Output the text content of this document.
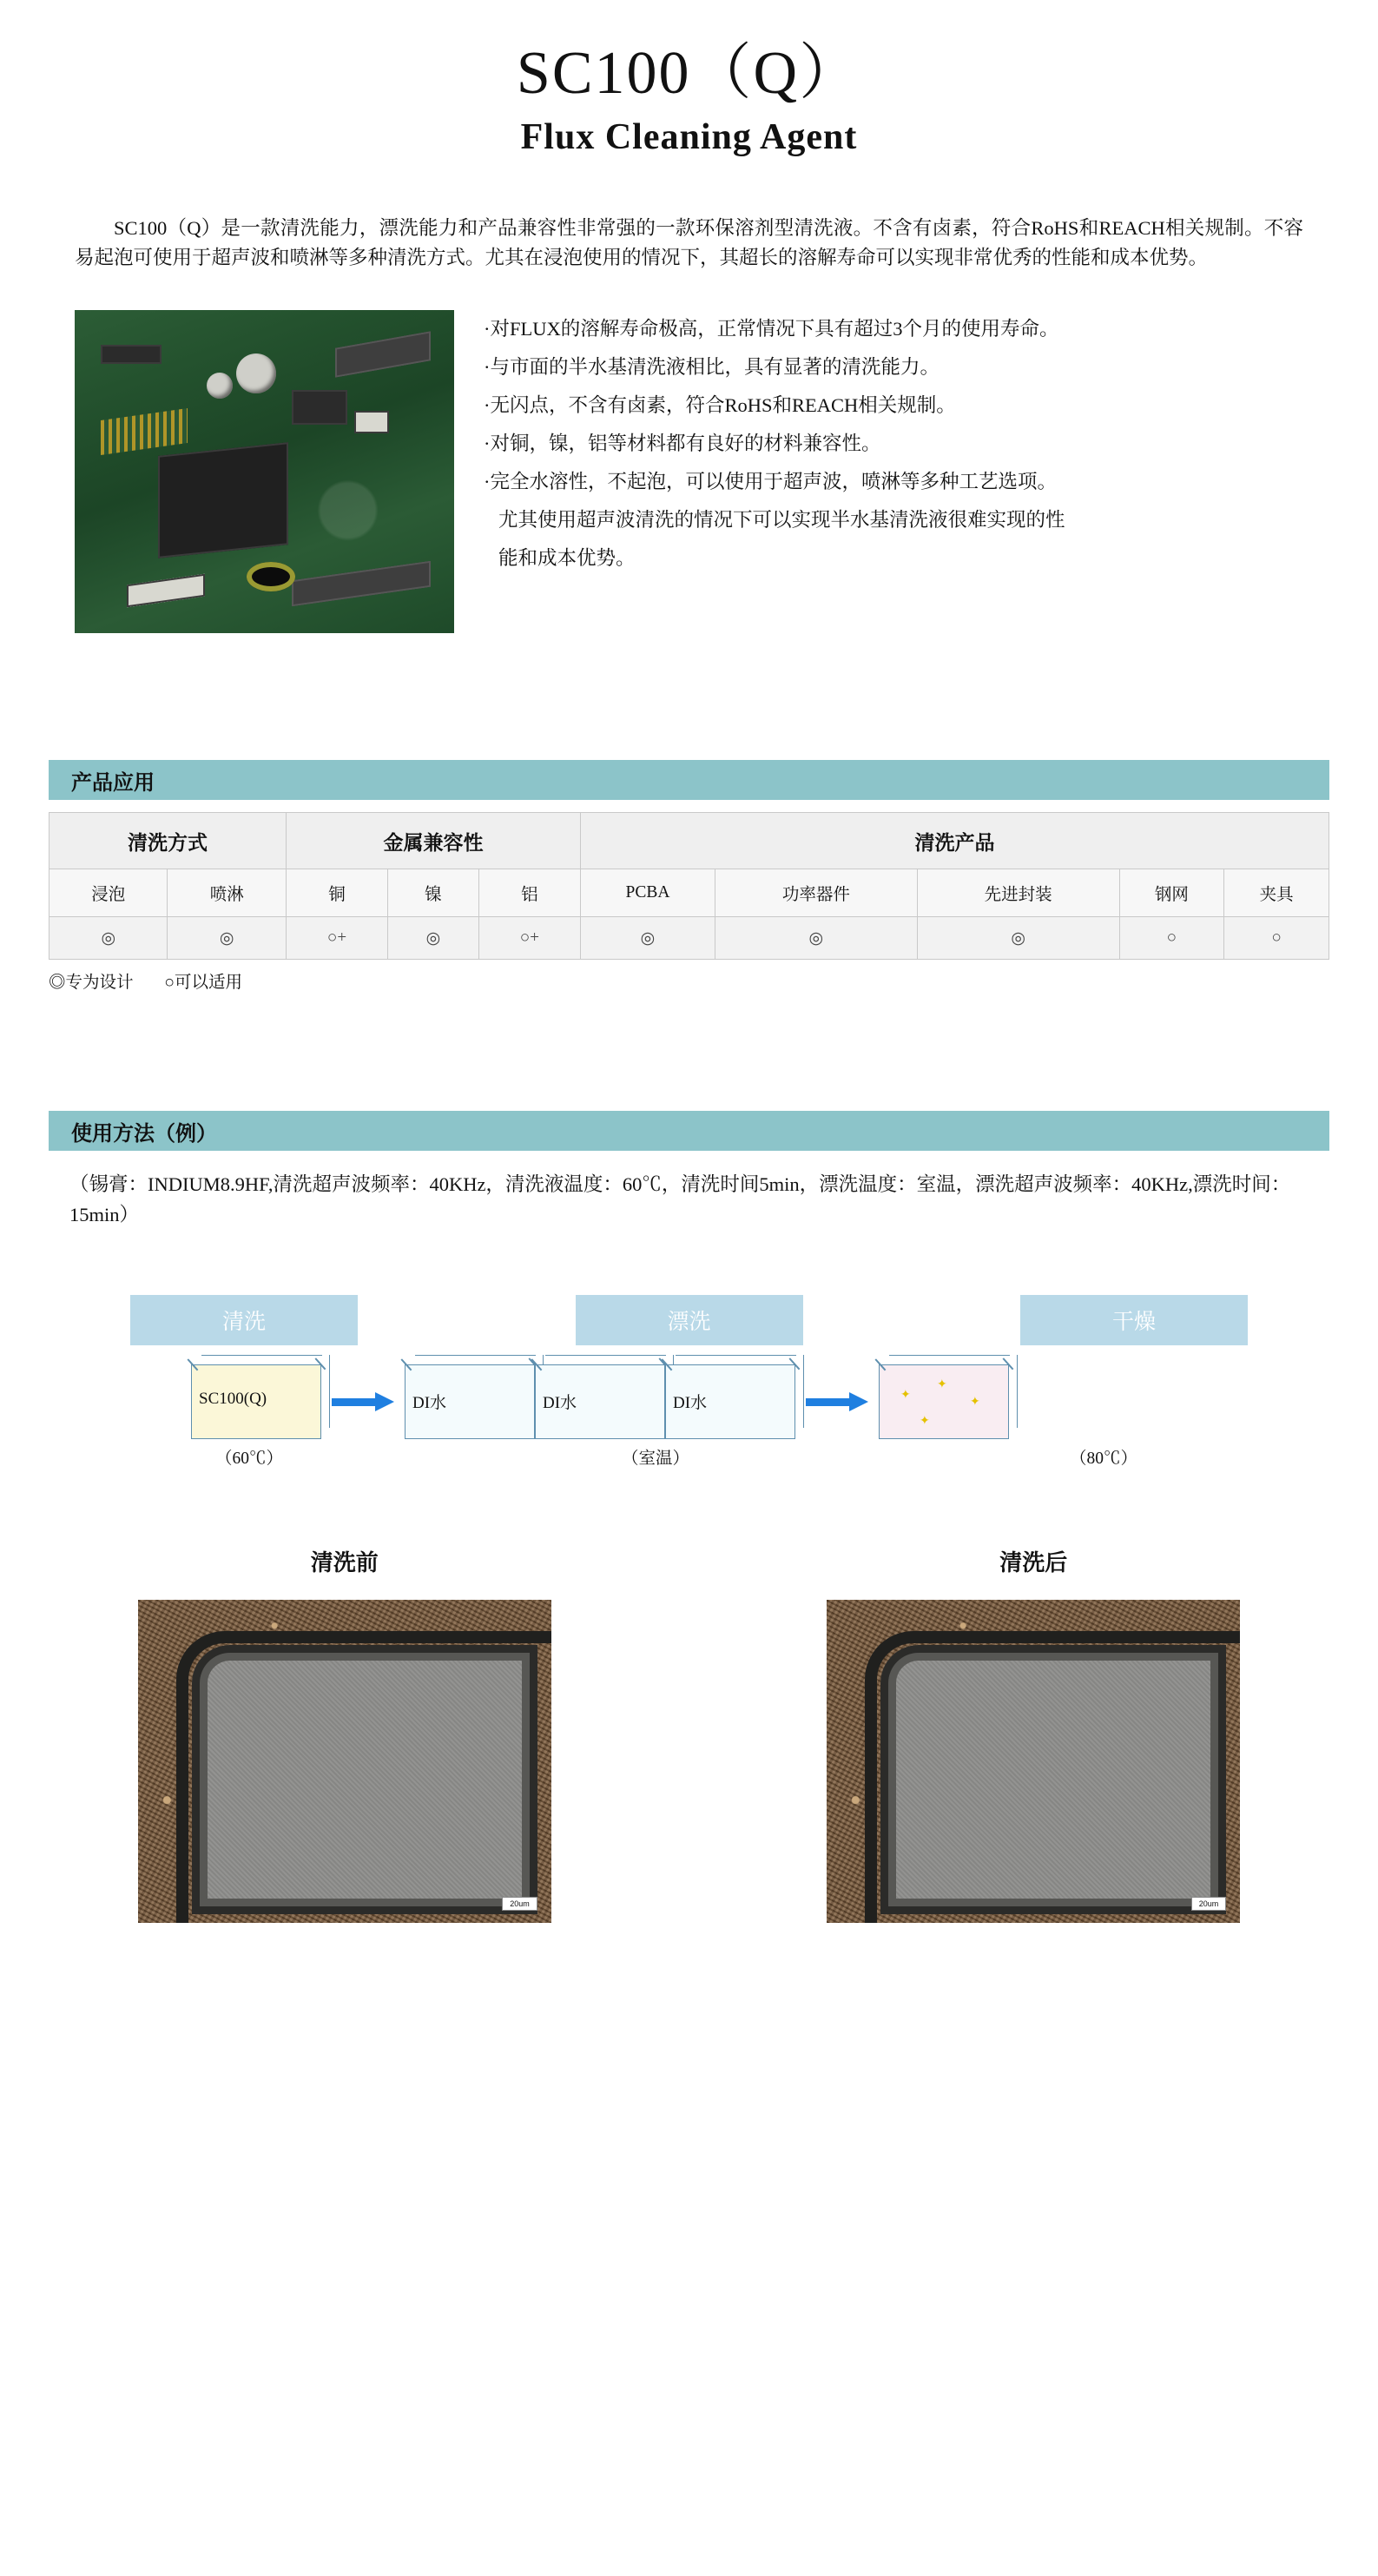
SC100（Q）
Flux Cleaning Agent
SC100（Q）是一款清洗能力，漂洗能力和产品兼容性非常强的一款环保溶剂型清洗液。不含有卤素，符合RoHS和REACH相关规制。不容易起泡可使用于超声波和喷淋等多种清洗方式。尤其在浸泡使用的情况下，其超长的溶解寿命可以实现非常优秀的性能和成本优势。
·对FLUX的溶解寿命极高，正常情况下具有超过3个月的使用寿命。
·与市面的半水基清洗液相比，具有显著的清洗能力。
·无闪点，不含有卤素，符合RoHS和REACH相关规制。
·对铜，镍，铝等材料都有良好的材料兼容性。
·完全水溶性，不起泡，可以使用于超声波，喷淋等多种工艺选项。
尤其使用超声波清洗的情况下可以实现半水基清洗液很难实现的性
能和成本优势。
产品应用
清洗方式		金属兼容性			清洗产品				
浸泡	喷淋	铜	镍	铝	PCBA	功率器件	先进封装	钢网	夹具
◎	◎	○+	◎	○+	◎	◎	◎	○	○
◎专为设计 ○可以适用
使用方法（例）
（锡膏：INDIUM8.9HF,清洗超声波频率：40KHz，清洗液温度：60℃，清洗时间5min，漂洗温度：室温，漂洗超声波频率：40KHz,漂洗时间：15min）
清洗	漂洗	干燥
SC100(Q)	DI水	DI水	DI水	✦
✦
✦
✦
（60℃）	（室温）	（80℃）
清洗前	清洗后
20um	20um
